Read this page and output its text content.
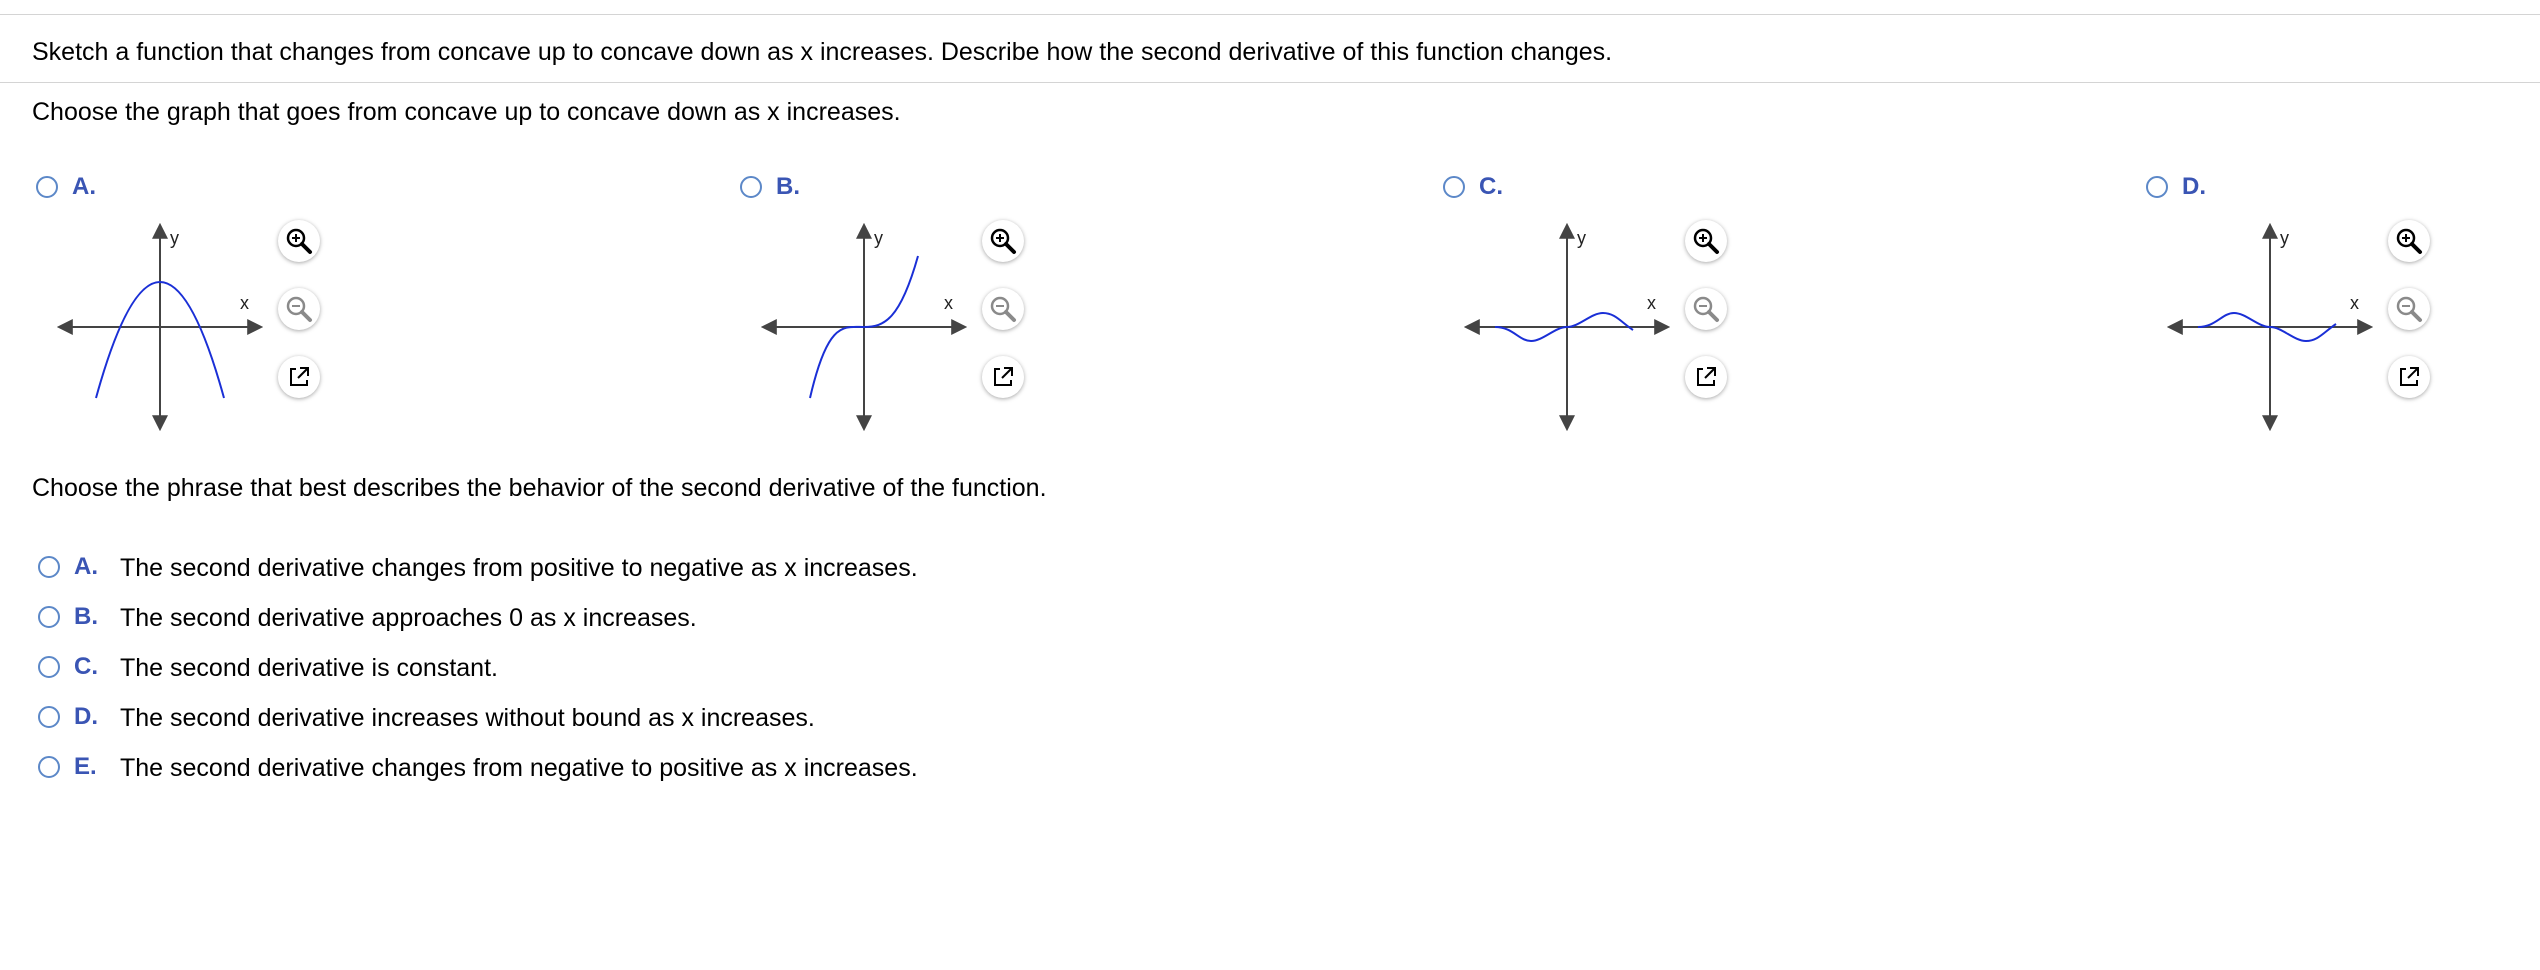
Sketch a function that changes from concave up to concave down as x increases. Describe how the second derivative of this function changes.
Choose the graph that goes from concave up to concave down as x increases.
A.
x
y
B.
x
y
C.
x
y
D.
x
y
Choose the phrase that best describes the behavior of the second derivative of the function.
A. The second derivative changes from positive to negative as x increases.
B. The second derivative approaches 0 as x increases.
C. The second derivative is constant.
D. The second derivative increases without bound as x increases.
E. The second derivative changes from negative to positive as x increases.
